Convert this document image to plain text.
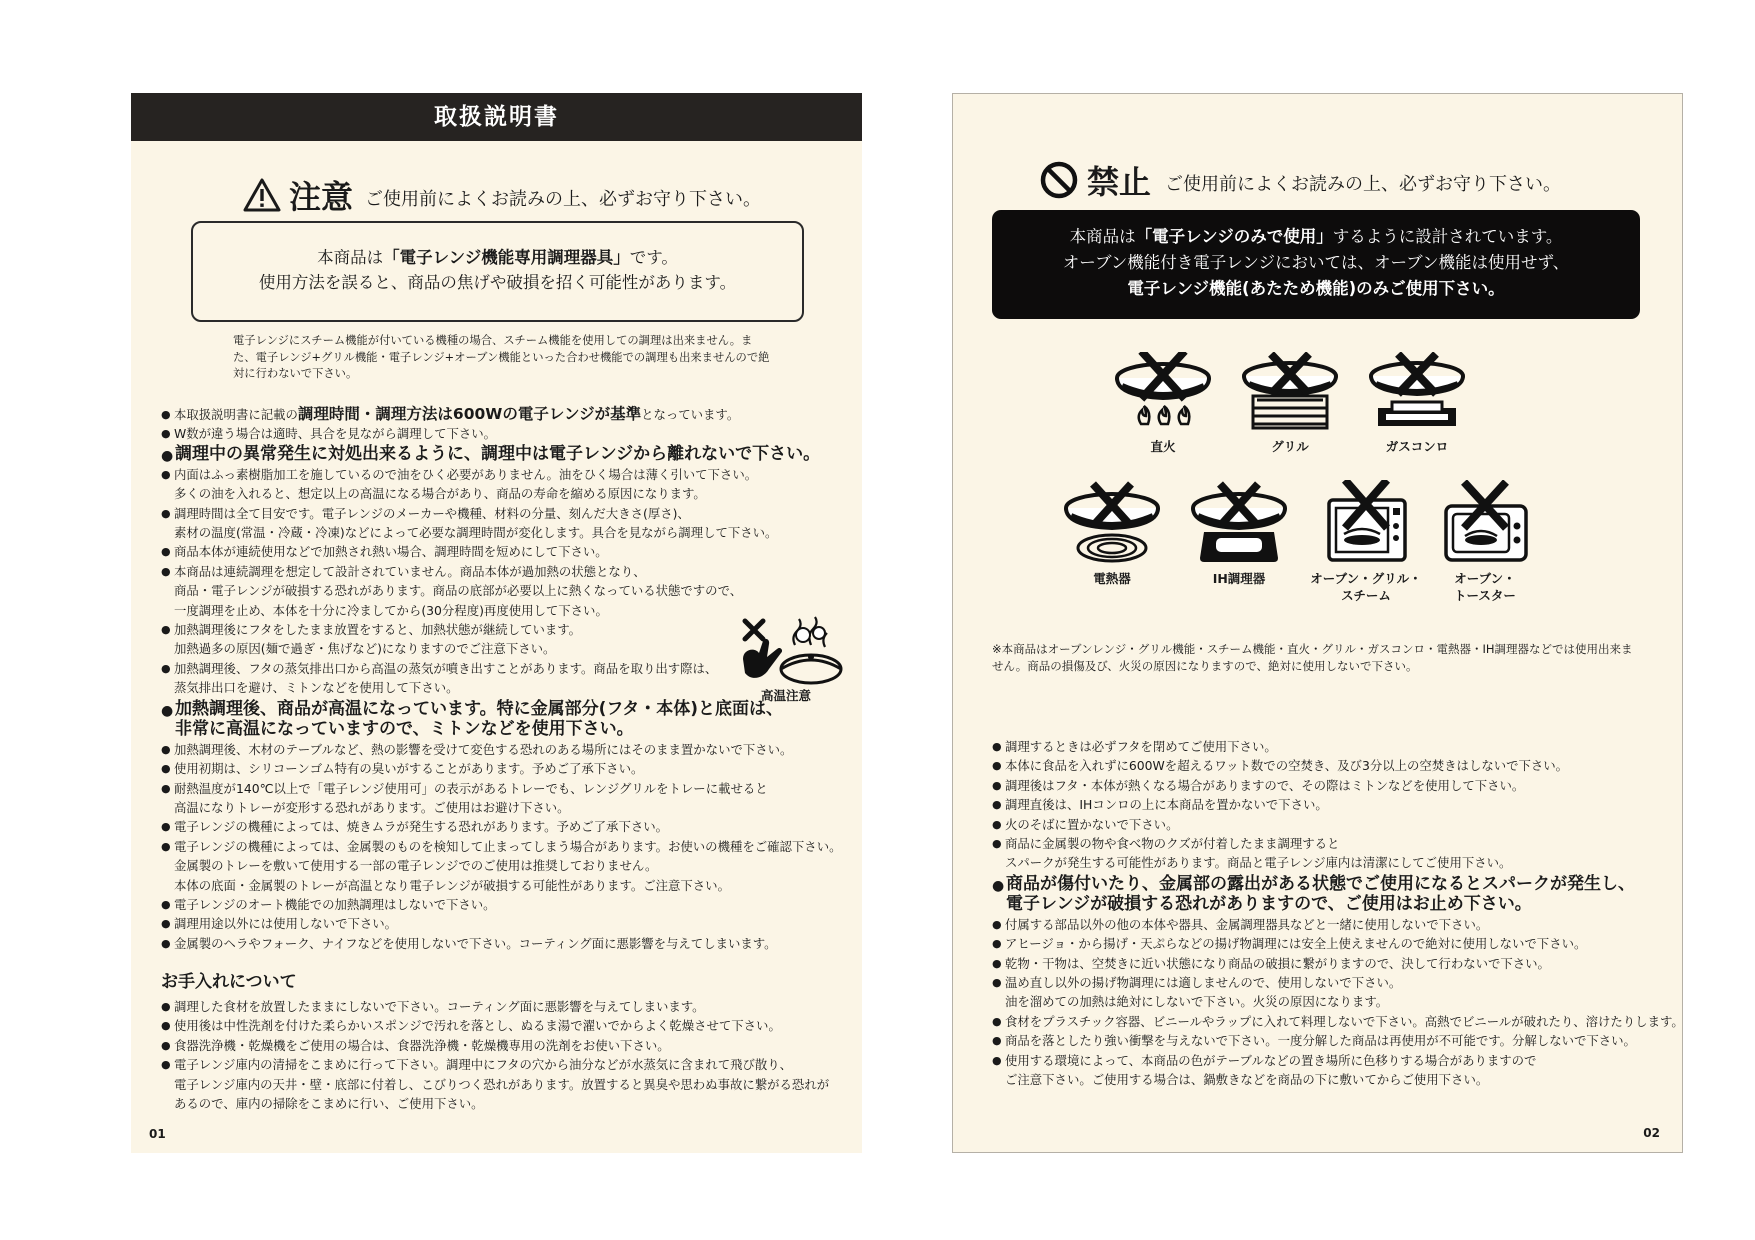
取扱説明書
注意 ご使用前によくお読みの上、必ずお守り下さい。
本商品は「電子レンジ機能専用調理器具」です。
使用方法を誤ると、商品の焦げや破損を招く可能性があります。
電子レンジにスチーム機能が付いている機種の場合、スチーム機能を使用しての調理は出来ません。また、電子レンジ+グリル機能・電子レンジ+オーブン機能といった合わせ機能での調理も出来ませんので絶対に行わないで下さい。
● 本取扱説明書に記載の調理時間・調理方法は600Wの電子レンジが基準となっています。
● W数が違う場合は適時、具合を見ながら調理して下さい。
● 調理中の異常発生に対処出来るように、調理中は電子レンジから離れないで下さい。
● 内面はふっ素樹脂加工を施しているので油をひく必要がありません。油をひく場合は薄く引いて下さい。
多くの油を入れると、想定以上の高温になる場合があり、商品の寿命を縮める原因になります。
● 調理時間は全て目安です。電子レンジのメーカーや機種、材料の分量、刻んだ大きさ(厚さ)、
素材の温度(常温・冷蔵・冷凍)などによって必要な調理時間が変化します。具合を見ながら調理して下さい。
● 商品本体が連続使用などで加熱され熱い場合、調理時間を短めにして下さい。
● 本商品は連続調理を想定して設計されていません。商品本体が過加熱の状態となり、
商品・電子レンジが破損する恐れがあります。商品の底部が必要以上に熱くなっている状態ですので、
一度調理を止め、本体を十分に冷ましてから(30分程度)再度使用して下さい。
● 加熱調理後にフタをしたまま放置をすると、加熱状態が継続しています。
加熱過多の原因(麺で過ぎ・焦げなど)になりますのでご注意下さい。
● 加熱調理後、フタの蒸気排出口から高温の蒸気が噴き出すことがあります。商品を取り出す際は、
蒸気排出口を避け、ミトンなどを使用して下さい。
● 加熱調理後、商品が高温になっています。特に金属部分(フタ・本体)と底面は、
非常に高温になっていますので、ミトンなどを使用下さい。
● 加熱調理後、木材のテーブルなど、熱の影響を受けて変色する恐れのある場所にはそのまま置かないで下さい。
● 使用初期は、シリコーンゴム特有の臭いがすることがあります。予めご了承下さい。
● 耐熱温度が140℃以上で「電子レンジ使用可」の表示があるトレーでも、レンジグリルをトレーに載せると
高温になりトレーが変形する恐れがあります。ご使用はお避け下さい。
● 電子レンジの機種によっては、焼きムラが発生する恐れがあります。予めご了承下さい。
● 電子レンジの機種によっては、金属製のものを検知して止まってしまう場合があります。お使いの機種をご確認下さい。
金属製のトレーを敷いて使用する一部の電子レンジでのご使用は推奨しておりません。
本体の底面・金属製のトレーが高温となり電子レンジが破損する可能性があります。ご注意下さい。
● 電子レンジのオート機能での加熱調理はしないで下さい。
● 調理用途以外には使用しないで下さい。
● 金属製のヘラやフォーク、ナイフなどを使用しないで下さい。コーティング面に悪影響を与えてしまいます。
高温注意
お手入れについて
● 調理した食材を放置したままにしないで下さい。コーティング面に悪影響を与えてしまいます。
● 使用後は中性洗剤を付けた柔らかいスポンジで汚れを落とし、ぬるま湯で濯いでからよく乾燥させて下さい。
● 食器洗浄機・乾燥機をご使用の場合は、食器洗浄機・乾燥機専用の洗剤をお使い下さい。
● 電子レンジ庫内の清掃をこまめに行って下さい。調理中にフタの穴から油分などが水蒸気に含まれて飛び散り、
電子レンジ庫内の天井・壁・底部に付着し、こびりつく恐れがあります。放置すると異臭や思わぬ事故に繋がる恐れが
あるので、庫内の掃除をこまめに行い、ご使用下さい。
01
禁止 ご使用前によくお読みの上、必ずお守り下さい。
本商品は「電子レンジのみで使用」するように設計されています。
オーブン機能付き電子レンジにおいては、オーブン機能は使用せず、
電子レンジ機能(あたため機能)のみご使用下さい。
直火	グリル	ガスコンロ
電熱器	IH調理器	オーブン・グリル・
スチーム
オーブン・
トースター
※本商品はオーブンレンジ・グリル機能・スチーム機能・直火・グリル・ガスコンロ・電熱器・IH調理器などでは使用出来ません。商品の損傷及び、火災の原因になりますので、絶対に使用しないで下さい。
● 調理するときは必ずフタを閉めてご使用下さい。
● 本体に食品を入れずに600Wを超えるワット数での空焚き、及び3分以上の空焚きはしないで下さい。
● 調理後はフタ・本体が熱くなる場合がありますので、その際はミトンなどを使用して下さい。
● 調理直後は、IHコンロの上に本商品を置かないで下さい。
● 火のそばに置かないで下さい。
● 商品に金属製の物や食べ物のクズが付着したまま調理すると
スパークが発生する可能性があります。商品と電子レンジ庫内は清潔にしてご使用下さい。
● 商品が傷付いたり、金属部の露出がある状態でご使用になるとスパークが発生し、
電子レンジが破損する恐れがありますので、ご使用はお止め下さい。
● 付属する部品以外の他の本体や器具、金属調理器具などと一緒に使用しないで下さい。
● アヒージョ・から揚げ・天ぷらなどの揚げ物調理には安全上使えませんので絶対に使用しないで下さい。
● 乾物・干物は、空焚きに近い状態になり商品の破損に繋がりますので、決して行わないで下さい。
● 温め直し以外の揚げ物調理には適しませんので、使用しないで下さい。
油を溜めての加熱は絶対にしないで下さい。火災の原因になります。
● 食材をプラスチック容器、ビニールやラップに入れて料理しないで下さい。高熱でビニールが破れたり、溶けたりします。
● 商品を落としたり強い衝撃を与えないで下さい。一度分解した商品は再使用が不可能です。分解しないで下さい。
● 使用する環境によって、本商品の色がテーブルなどの置き場所に色移りする場合がありますので
ご注意下さい。ご使用する場合は、鍋敷きなどを商品の下に敷いてからご使用下さい。
02
